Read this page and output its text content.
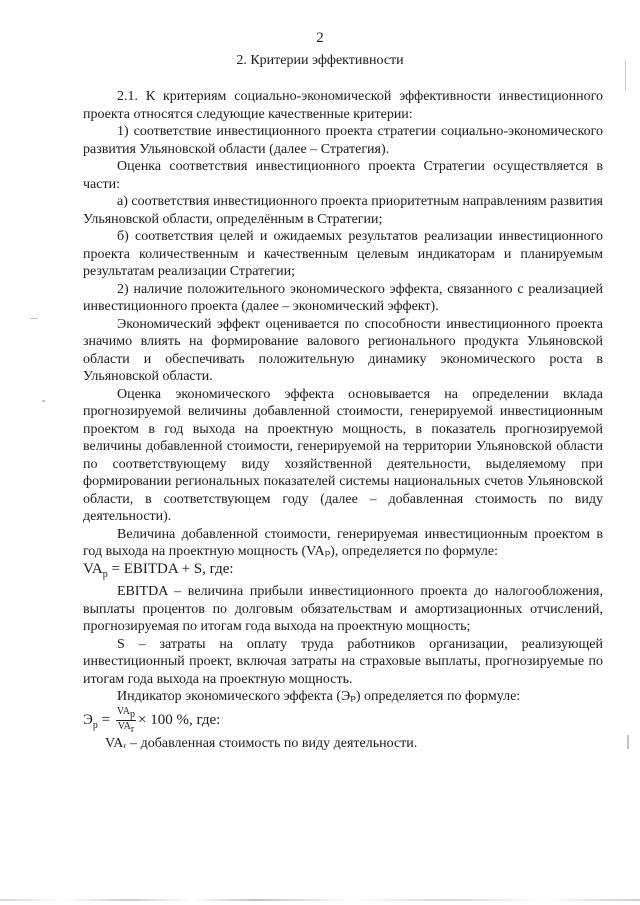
2
2. Критерии эффективности

2.1. К критериям социально-экономической эффективности инвестиционного проекта относятся следующие качественные критерии:

1) соответствие инвестиционного проекта стратегии социально-экономического развития Ульяновской области (далее – Стратегия).

Оценка соответствия инвестиционного проекта Стратегии осуществляется в части:

а) соответствия инвестиционного проекта приоритетным направлениям развития Ульяновской области, определённым в Стратегии;

б) соответствия целей и ожидаемых результатов реализации инвестиционного проекта количественным и качественным целевым индикаторам и планируемым результатам реализации Стратегии;

2) наличие положительного экономического эффекта, связанного с реализацией инвестиционного проекта (далее – экономический эффект).

Экономический эффект оценивается по способности инвестиционного проекта значимо влиять на формирование валового регионального продукта Ульяновской области и обеспечивать положительную динамику экономического роста в Ульяновской области.

Оценка экономического эффекта основывается на определении вклада прогнозируемой величины добавленной стоимости, генерируемой инвестиционным проектом в год выхода на проектную мощность, в показатель прогнозируемой величины добавленной стоимости, генерируемой на территории Ульяновской области по соответствующему виду хозяйственной деятельности, выделяемому при формировании региональных показателей системы национальных счетов Ульяновской области, в соответствующем году (далее – добавленная стоимость по виду деятельности).

Величина добавленной стоимости, генерируемая инвестиционным проектом в год выхода на проектную мощность (VAₚ), определяется по формуле:

$VA_p$ = EBITDA + S, где:

EBITDA – величина прибыли инвестиционного проекта до налогообложения, выплаты процентов по долговым обязательствам и амортизационных отчислений, прогнозируемая по итогам года выхода на проектную мощность;

S – затраты на оплату труда работников организации, реализующей инвестиционный проект, включая затраты на страховые выплаты, прогнозируемые по итогам года выхода на проектную мощность.

Индикатор экономического эффекта (Эₚ) определяется по формуле:

$Э_p = \frac{VA_p}{VA_r} \times 100$ %, где:

VAᵣ – добавленная стоимость по виду деятельности.
